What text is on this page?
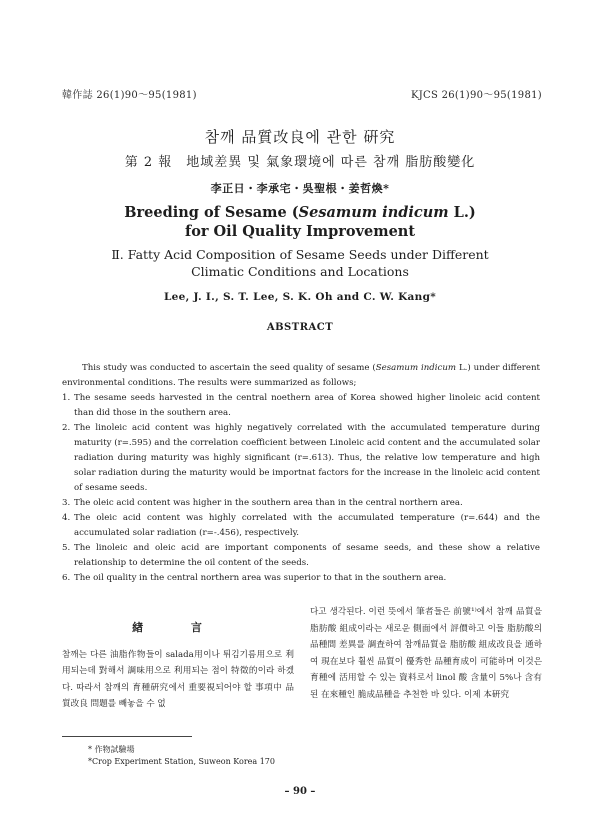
韓作誌 26(1)90〜95(1981)	KJCS 26(1)90〜95(1981)
참깨 品質改良에 관한 硏究
第 2 報　地域差異 및 氣象環境에 따른 참깨 脂肪酸變化
李正日・李承宅・吳聖根・姜哲煥*
Breeding of Sesame (Sesamum indicum L.)
for Oil Quality Improvement
Ⅱ. Fatty Acid Composition of Sesame Seeds under Different
Climatic Conditions and Locations
Lee, J. I., S. T. Lee, S. K. Oh and C. W. Kang*
ABSTRACT

This study was conducted to ascertain the seed quality of sesame (Sesamum indicum L.) under different environmental conditions. The results were summarized as follows;

1. The sesame seeds harvested in the central noethern area of Korea showed higher linoleic acid content than did those in the southern area.
2. The linoleic acid content was highly negatively correlated with the accumulated temperature during maturity (r=.595) and the correlation coefficient between Linoleic acid content and the accumulated solar radiation during maturity was highly significant (r=.613). Thus, the relative low temperature and high solar radiation during the maturity would be importnat factors for the increase in the linoleic acid content of sesame seeds.
3. The oleic acid content was higher in the southern area than in the central northern area.
4. The oleic acid content was highly correlated with the accumulated temperature (r=.644) and the accumulated solar radiation (r=-.456), respectively.
5. The linoleic and oleic acid are important components of sesame seeds, and these show a relative relationship to determine the oil content of the seeds.
6. The oil quality in the central northern area was superior to that in the southern area.
緖 言
참깨는 다른 油脂作物들이 salada用이나 튀김기름用으로 利用되는데 對해서 調味用으로 利用되는 점이 特徵的이라 하겠다. 따라서 참깨의 育種硏究에서 重要視되어야 할 事項中 品質改良 問題를 빼놓을 수 없
다고 생각된다. 이런 뜻에서 筆者들은 前號¹⁾에서 참깨 品質을 脂肪酸 組成이라는 새로운 側面에서 評價하고 이들 脂肪酸의 品種間 差異를 調査하여 참깨品質을 脂肪酸 組成改良을 通하여 現在보다 훨씬 品質이 優秀한 品種育成이 可能하며 이것은 育種에 活用할 수 있는 資料로서 linol 酸 含量이 5%나 含有된 在來種인 脆成品種을 추천한 바 있다. 이제 本硏究
* 作物試驗場
*Crop Experiment Station, Suweon Korea 170
– 90 –
